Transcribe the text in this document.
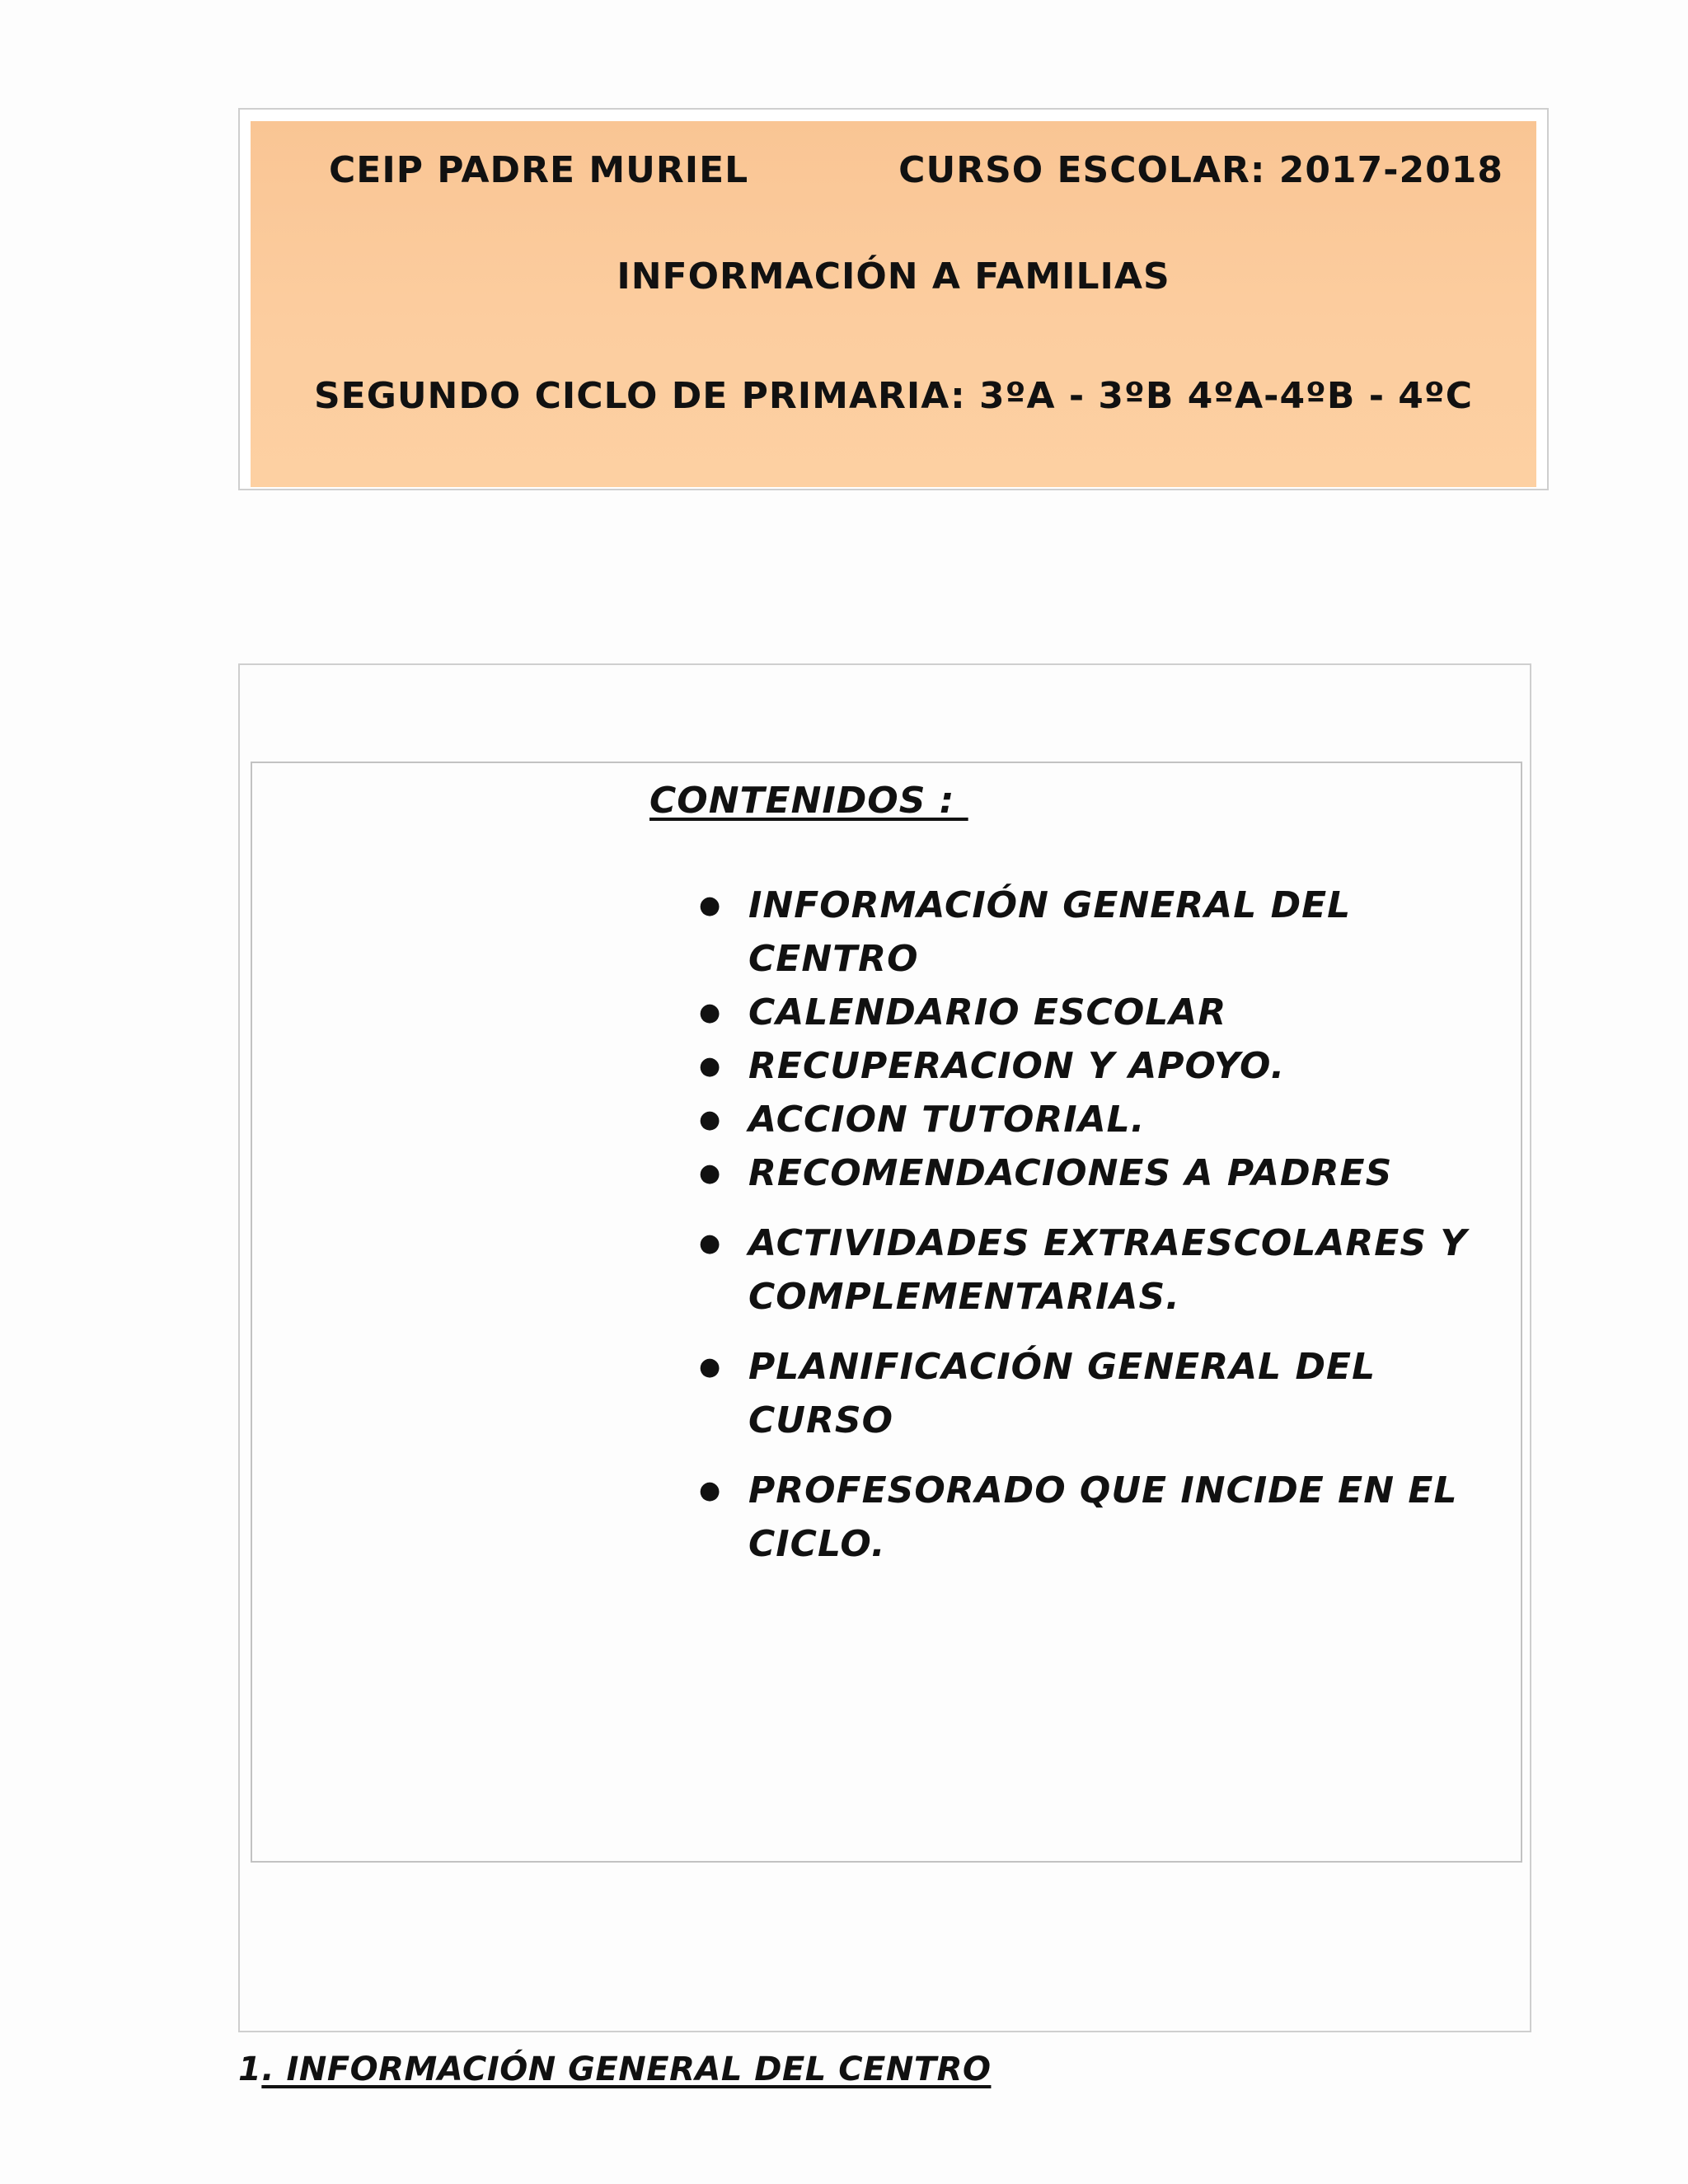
CEIP PADRE MURIEL	CURSO ESCOLAR: 2017-2018
INFORMACIÓN A FAMILIAS
SEGUNDO CICLO DE PRIMARIA: 3ºA - 3ºB 4ºA-4ºB - 4ºC
CONTENIDOS :
● INFORMACIÓN GENERAL DEL CENTRO
● CALENDARIO ESCOLAR
● RECUPERACION Y APOYO.
● ACCION TUTORIAL.
● RECOMENDACIONES A PADRES
● ACTIVIDADES EXTRAESCOLARES Y COMPLEMENTARIAS.
● PLANIFICACIÓN GENERAL DEL CURSO
● PROFESORADO QUE INCIDE EN EL CICLO.
1. INFORMACIÓN GENERAL DEL CENTRO
